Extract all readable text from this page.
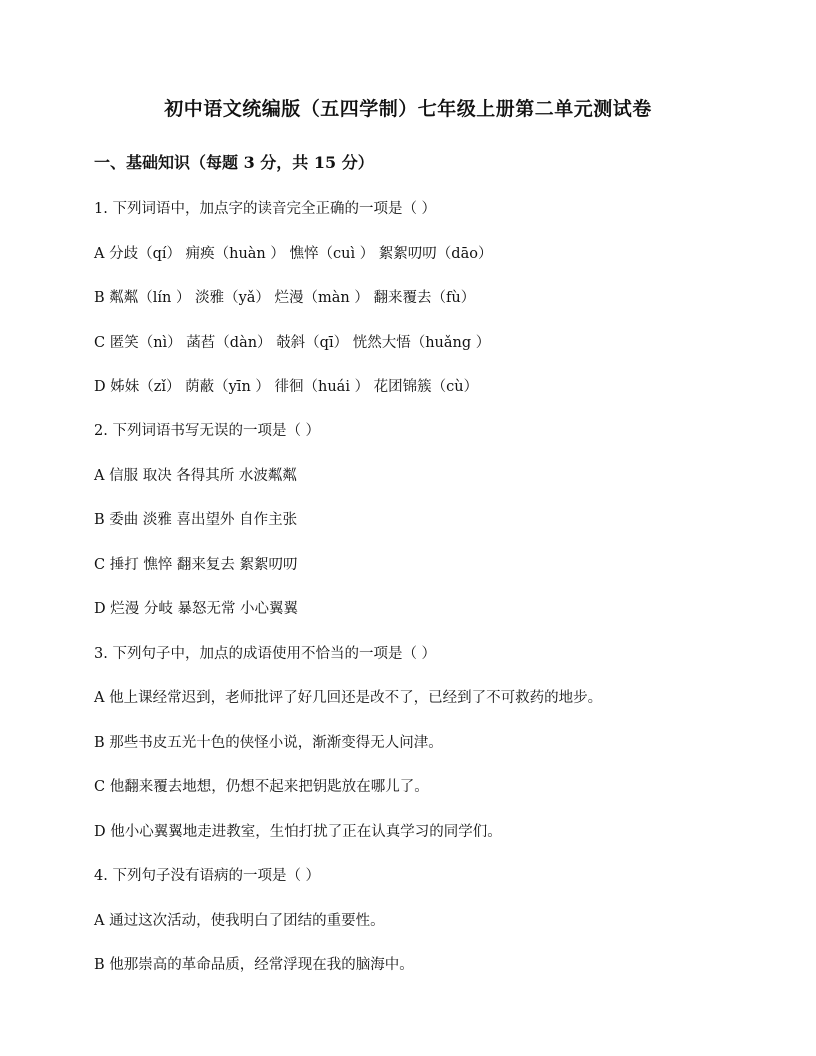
初中语文统编版（五四学制）七年级上册第二单元测试卷
一、基础知识（每题 3 分，共 15 分）
1. 下列词语中，加点字的读音完全正确的一项是（ ）
A 分歧（qí） 痈痪（huàn ） 憔悴（cuì ） 絮絮叨叨（dāo）
B 粼粼（lín ） 淡雅（yǎ） 烂漫（màn ） 翻来覆去（fù）
C 匿笑（nì） 菡萏（dàn） 攲斜（qī） 恍然大悟（huǎng ）
D 姊妹（zǐ） 荫蔽（yīn ） 徘徊（huái ） 花团锦簇（cù）
2. 下列词语书写无误的一项是（ ）
A 信服 取决 各得其所 水波粼粼
B 委曲 淡雅 喜出望外 自作主张
C 捶打 憔悴 翻来复去 絮絮叨叨
D 烂漫 分岐 暴怒无常 小心翼翼
3. 下列句子中，加点的成语使用不恰当的一项是（ ）
A 他上课经常迟到，老师批评了好几回还是改不了，已经到了不可救药的地步。
B 那些书皮五光十色的侠怪小说，渐渐变得无人问津。
C 他翻来覆去地想，仍想不起来把钥匙放在哪儿了。
D 他小心翼翼地走进教室，生怕打扰了正在认真学习的同学们。
4. 下列句子没有语病的一项是（ ）
A 通过这次活动，使我明白了团结的重要性。
B 他那崇高的革命品质，经常浮现在我的脑海中。
